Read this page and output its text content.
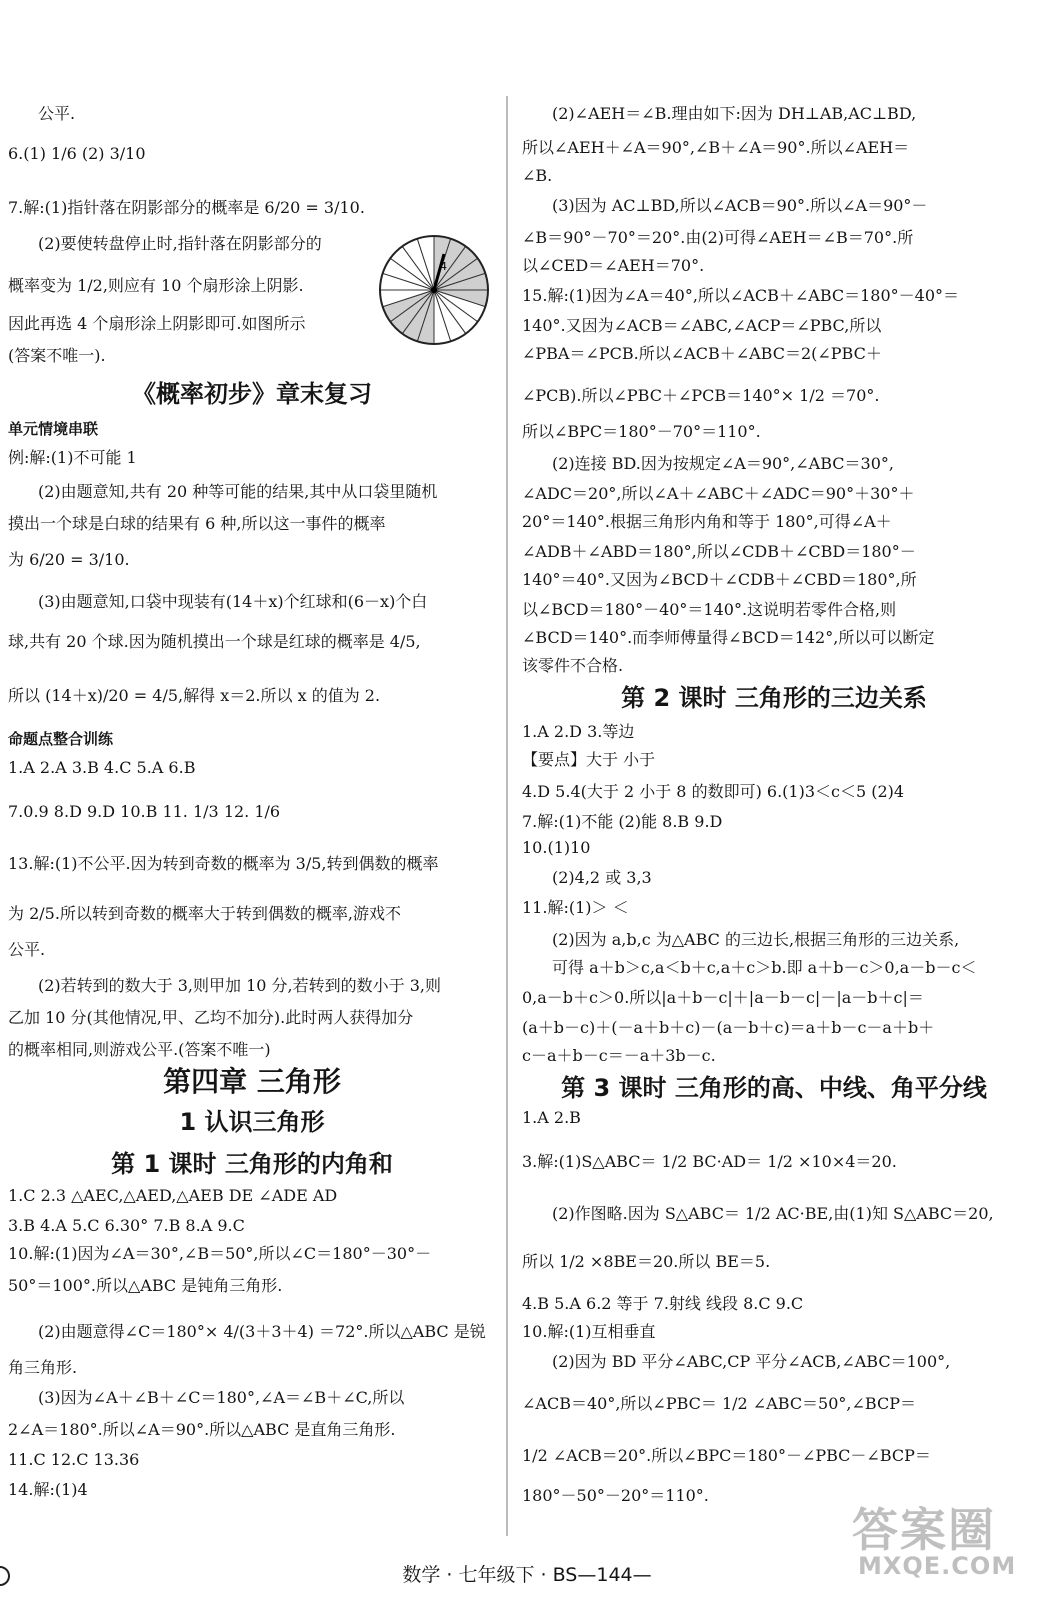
4
《概率初步》章末复习
单元情境串联
命题点整合训练
第四章 三角形
1 认识三角形
第 1 课时 三角形的内角和
公平.
6.(1) 1/6 (2) 3/10
7.解:(1)指针落在阴影部分的概率是 6/20 = 3/10.
(2)要使转盘停止时,指针落在阴影部分的
概率变为 1/2,则应有 10 个扇形涂上阴影.
因此再选 4 个扇形涂上阴影即可.如图所示
(答案不唯一).
例:解:(1)不可能 1
(2)由题意知,共有 20 种等可能的结果,其中从口袋里随机
摸出一个球是白球的结果有 6 种,所以这一事件的概率
为 6/20 = 3/10.
(3)由题意知,口袋中现装有(14＋x)个红球和(6－x)个白
球,共有 20 个球.因为随机摸出一个球是红球的概率是 4/5,
所以 (14＋x)/20 = 4/5,解得 x＝2.所以 x 的值为 2.
1.A 2.A 3.B 4.C 5.A 6.B
7.0.9 8.D 9.D 10.B 11. 1/3 12. 1/6
13.解:(1)不公平.因为转到奇数的概率为 3/5,转到偶数的概率
为 2/5.所以转到奇数的概率大于转到偶数的概率,游戏不
公平.
(2)若转到的数大于 3,则甲加 10 分,若转到的数小于 3,则
乙加 10 分(其他情况,甲、乙均不加分).此时两人获得加分
的概率相同,则游戏公平.(答案不唯一)
1.C 2.3 △AEC,△AED,△AEB DE ∠ADE AD
3.B 4.A 5.C 6.30° 7.B 8.A 9.C
10.解:(1)因为∠A＝30°,∠B＝50°,所以∠C＝180°－30°－
50°＝100°.所以△ABC 是钝角三角形.
(2)由题意得∠C＝180°× 4/(3＋3＋4) ＝72°.所以△ABC 是锐
角三角形.
(3)因为∠A＋∠B＋∠C＝180°,∠A＝∠B＋∠C,所以
2∠A＝180°.所以∠A＝90°.所以△ABC 是直角三角形.
11.C 12.C 13.36
14.解:(1)4
第 2 课时 三角形的三边关系
第 3 课时 三角形的高、中线、角平分线
(2)∠AEH＝∠B.理由如下:因为 DH⊥AB,AC⊥BD,
所以∠AEH＋∠A＝90°,∠B＋∠A＝90°.所以∠AEH＝
∠B.
(3)因为 AC⊥BD,所以∠ACB＝90°.所以∠A＝90°－
∠B＝90°－70°＝20°.由(2)可得∠AEH＝∠B＝70°.所
以∠CED＝∠AEH＝70°.
15.解:(1)因为∠A＝40°,所以∠ACB＋∠ABC＝180°－40°＝
140°.又因为∠ACB＝∠ABC,∠ACP＝∠PBC,所以
∠PBA＝∠PCB.所以∠ACB＋∠ABC＝2(∠PBC＋
∠PCB).所以∠PBC＋∠PCB＝140°× 1/2 ＝70°.
所以∠BPC＝180°－70°＝110°.
(2)连接 BD.因为按规定∠A＝90°,∠ABC＝30°,
∠ADC＝20°,所以∠A＋∠ABC＋∠ADC＝90°＋30°＋
20°＝140°.根据三角形内角和等于 180°,可得∠A＋
∠ADB＋∠ABD＝180°,所以∠CDB＋∠CBD＝180°－
140°＝40°.又因为∠BCD＋∠CDB＋∠CBD＝180°,所
以∠BCD＝180°－40°＝140°.这说明若零件合格,则
∠BCD＝140°.而李师傅量得∠BCD＝142°,所以可以断定
该零件不合格.
1.A 2.D 3.等边
【要点】大于 小于
4.D 5.4(大于 2 小于 8 的数即可) 6.(1)3＜c＜5 (2)4
7.解:(1)不能 (2)能 8.B 9.D
10.(1)10
(2)4,2 或 3,3
11.解:(1)＞ ＜
(2)因为 a,b,c 为△ABC 的三边长,根据三角形的三边关系,
可得 a＋b＞c,a＜b＋c,a＋c＞b.即 a＋b－c＞0,a－b－c＜
0,a－b＋c＞0.所以|a＋b－c|＋|a－b－c|－|a－b＋c|＝
(a＋b－c)＋(－a＋b＋c)－(a－b＋c)＝a＋b－c－a＋b＋
c－a＋b－c＝－a＋3b－c.
1.A 2.B
3.解:(1)S△ABC＝ 1/2 BC·AD＝ 1/2 ×10×4＝20.
(2)作图略.因为 S△ABC＝ 1/2 AC·BE,由(1)知 S△ABC＝20,
所以 1/2 ×8BE＝20.所以 BE＝5.
4.B 5.A 6.2 等于 7.射线 线段 8.C 9.C
10.解:(1)互相垂直
(2)因为 BD 平分∠ABC,CP 平分∠ACB,∠ABC＝100°,
∠ACB＝40°,所以∠PBC＝ 1/2 ∠ABC＝50°,∠BCP＝
1/2 ∠ACB＝20°.所以∠BPC＝180°－∠PBC－∠BCP＝
180°－50°－20°＝110°.
数学 · 七年级下 · BS—144—
答案圈
MXQE.COM
